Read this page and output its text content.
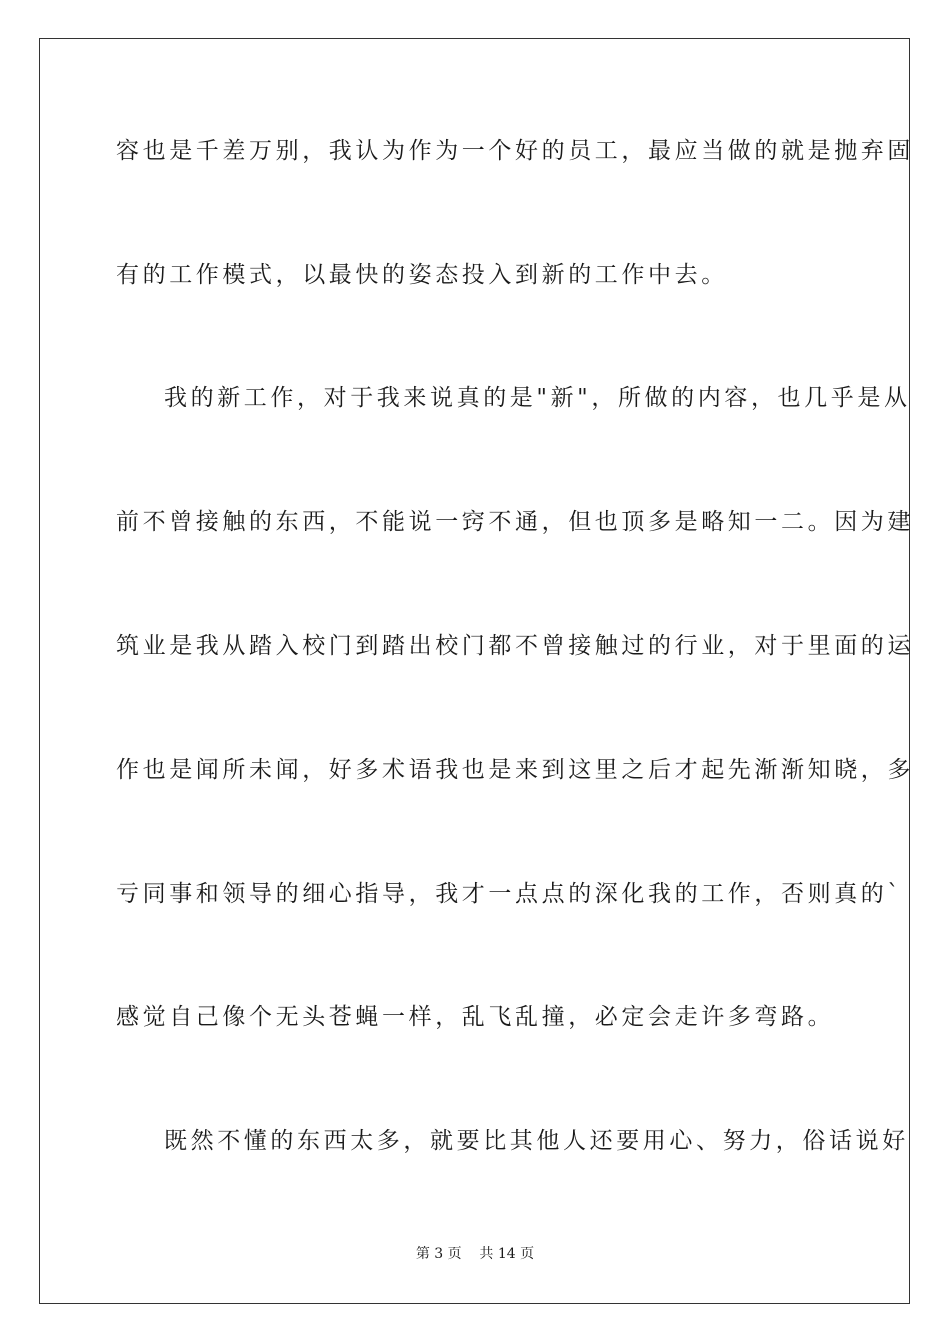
容也是千差万别，我认为作为一个好的员工，最应当做的就是抛弃固
有的工作模式，以最快的姿态投入到新的工作中去。
我的新工作，对于我来说真的是"新"，所做的内容，也几乎是从
前不曾接触的东西，不能说一窍不通，但也顶多是略知一二。因为建
筑业是我从踏入校门到踏出校门都不曾接触过的行业，对于里面的运
作也是闻所未闻，好多术语我也是来到这里之后才起先渐渐知晓，多
亏同事和领导的细心指导，我才一点点的深化我的工作，否则真的`
感觉自己像个无头苍蝇一样，乱飞乱撞，必定会走许多弯路。
既然不懂的东西太多，就要比其他人还要用心、努力，俗话说好
第 3 页    共 14 页
